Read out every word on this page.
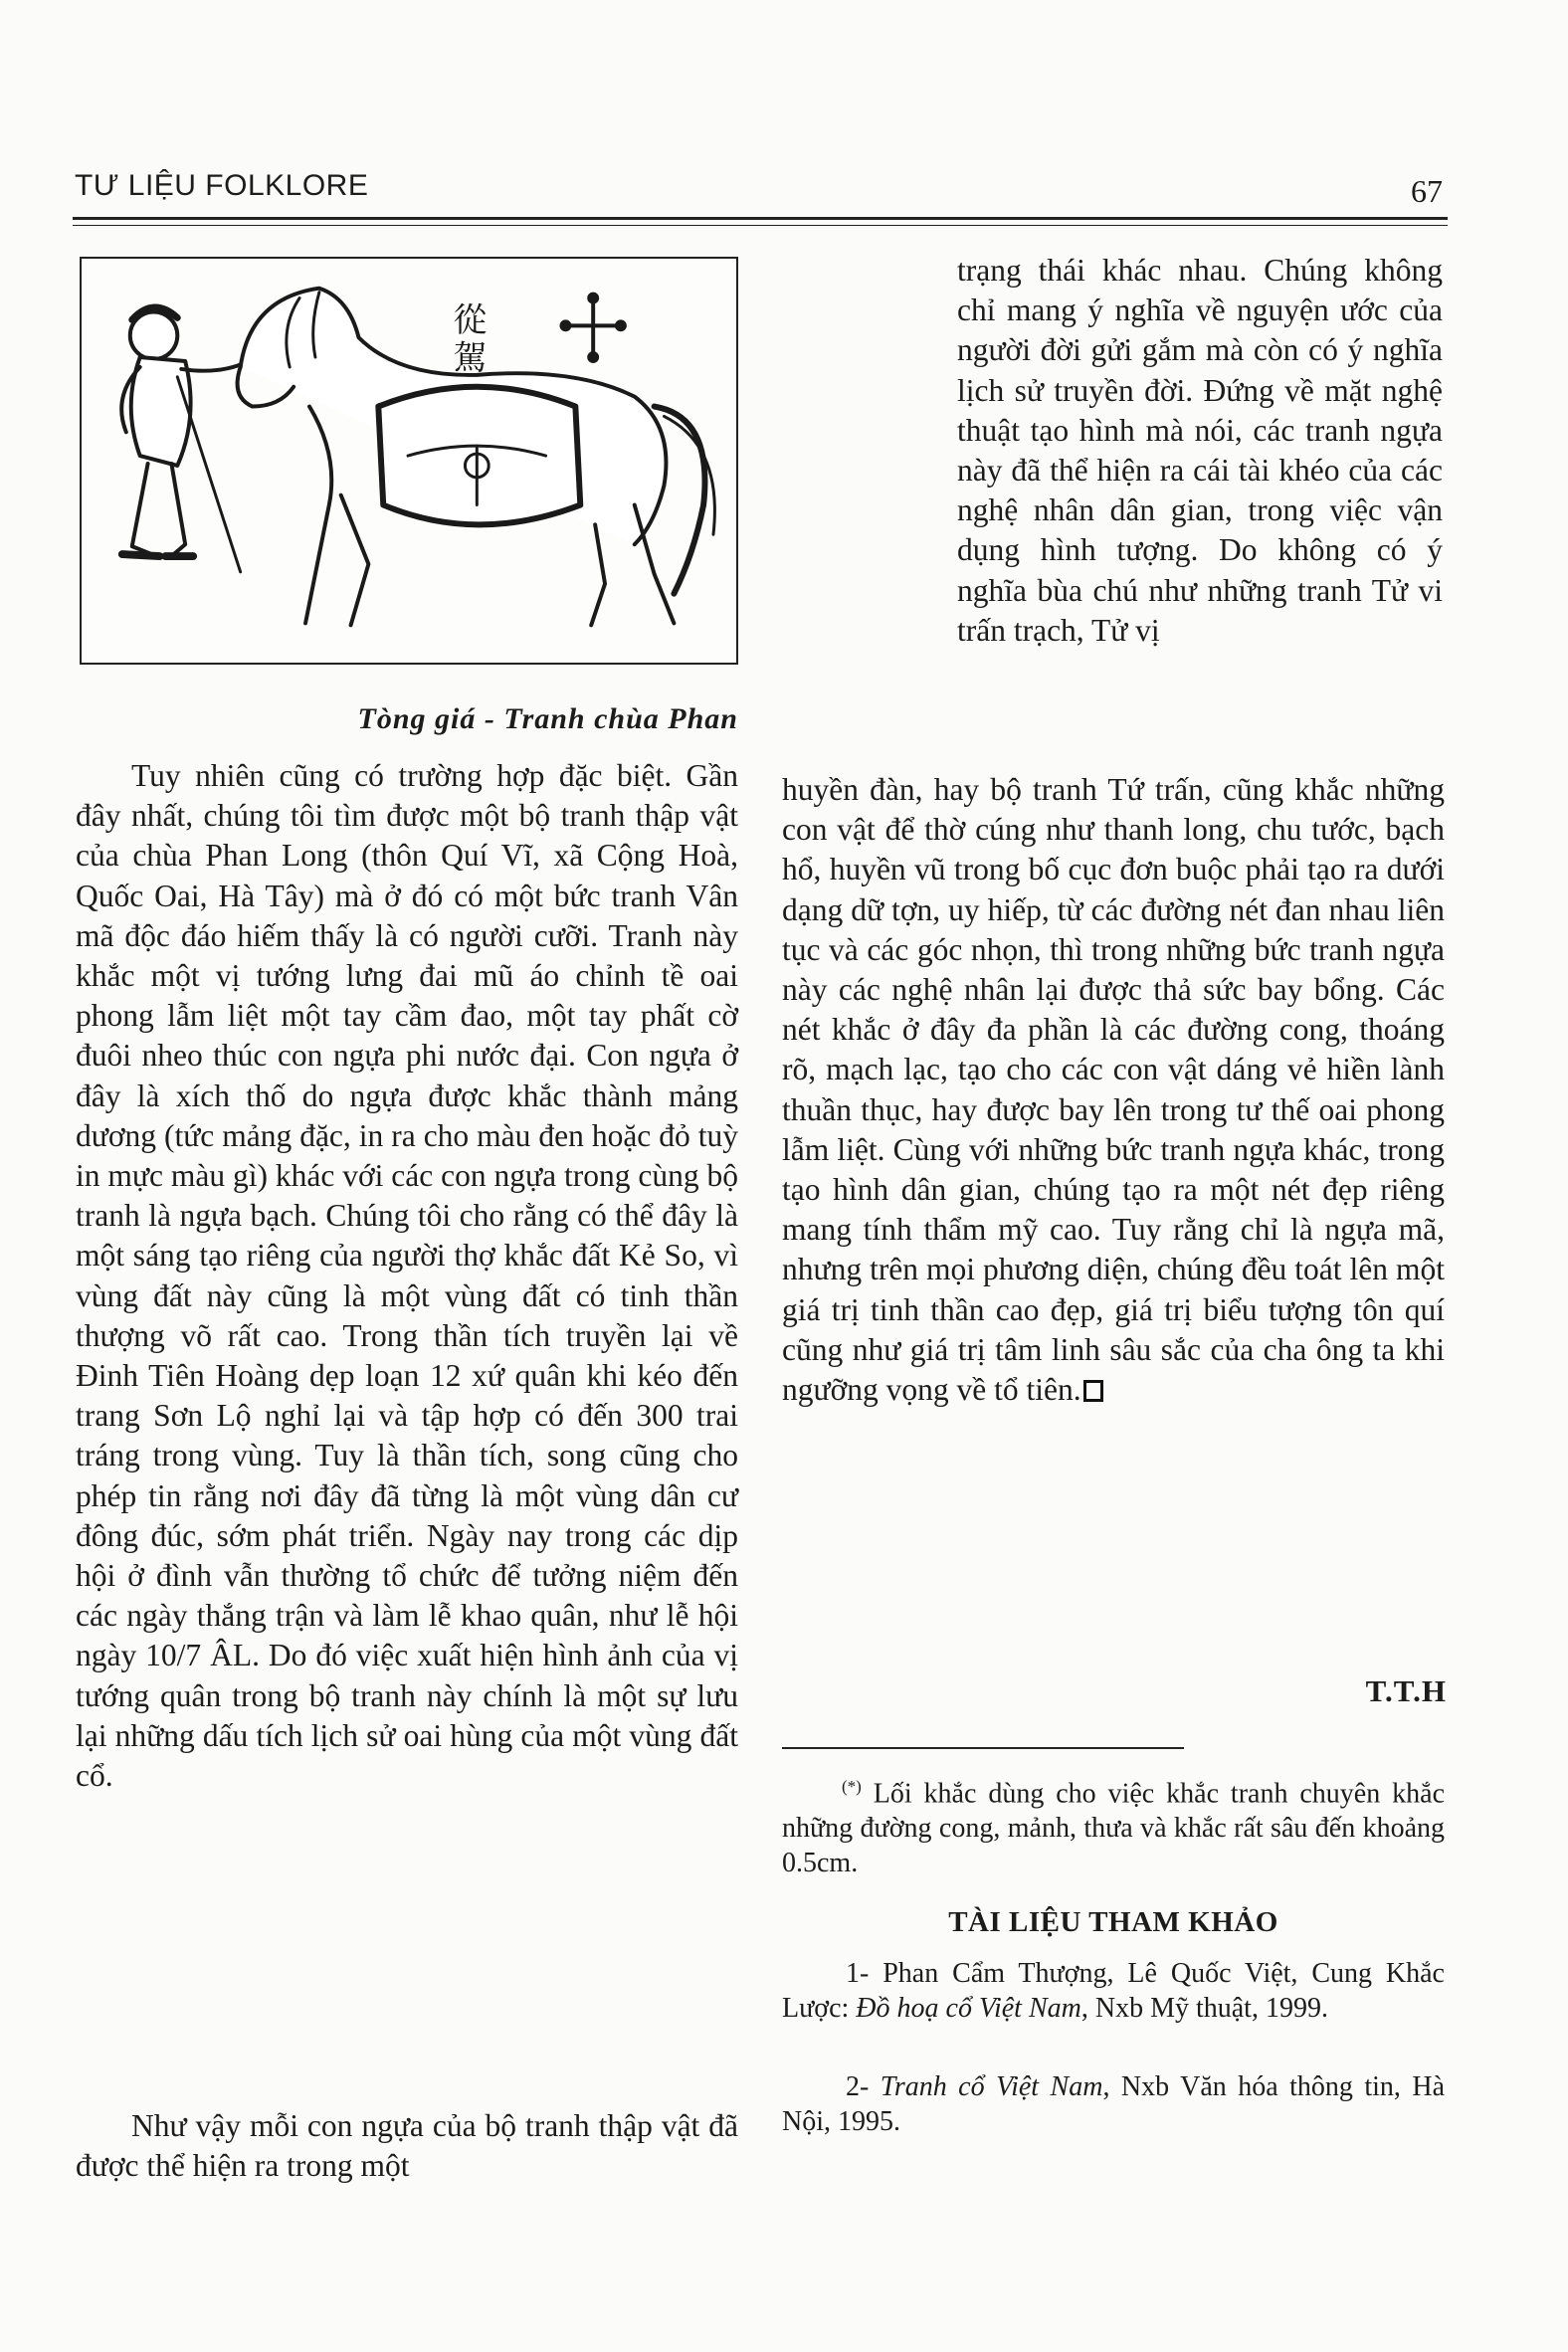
TƯ LIỆU FOLKLORE	67
從駕
Tòng giá - Tranh chùa Phan

trạng thái khác nhau. Chúng không chỉ mang ý nghĩa về nguyện ước của người đời gửi gắm mà còn có ý nghĩa lịch sử truyền đời. Đứng về mặt nghệ thuật tạo hình mà nói, các tranh ngựa này đã thể hiện ra cái tài khéo của các nghệ nhân dân gian, trong việc vận dụng hình tượng. Do không có ý nghĩa bùa chú như những tranh Tử vi trấn trạch, Tử vị

Tuy nhiên cũng có trường hợp đặc biệt. Gần đây nhất, chúng tôi tìm được một bộ tranh thập vật của chùa Phan Long (thôn Quí Vĩ, xã Cộng Hoà, Quốc Oai, Hà Tây) mà ở đó có một bức tranh Vân mã độc đáo hiếm thấy là có người cưỡi. Tranh này khắc một vị tướng lưng đai mũ áo chỉnh tề oai phong lẫm liệt một tay cầm đao, một tay phất cờ đuôi nheo thúc con ngựa phi nước đại. Con ngựa ở đây là xích thố do ngựa được khắc thành mảng dương (tức mảng đặc, in ra cho màu đen hoặc đỏ tuỳ in mực màu gì) khác với các con ngựa trong cùng bộ tranh là ngựa bạch. Chúng tôi cho rằng có thể đây là một sáng tạo riêng của người thợ khắc đất Kẻ So, vì vùng đất này cũng là một vùng đất có tinh thần thượng võ rất cao. Trong thần tích truyền lại về Đinh Tiên Hoàng dẹp loạn 12 xứ quân khi kéo đến trang Sơn Lộ nghỉ lại và tập hợp có đến 300 trai tráng trong vùng. Tuy là thần tích, song cũng cho phép tin rằng nơi đây đã từng là một vùng dân cư đông đúc, sớm phát triển. Ngày nay trong các dịp hội ở đình vẫn thường tổ chức để tưởng niệm đến các ngày thắng trận và làm lễ khao quân, như lễ hội ngày 10/7 ÂL. Do đó việc xuất hiện hình ảnh của vị tướng quân trong bộ tranh này chính là một sự lưu lại những dấu tích lịch sử oai hùng của một vùng đất cổ.

Như vậy mỗi con ngựa của bộ tranh thập vật đã được thể hiện ra trong một

huyền đàn, hay bộ tranh Tứ trấn, cũng khắc những con vật để thờ cúng như thanh long, chu tước, bạch hổ, huyền vũ trong bố cục đơn buộc phải tạo ra dưới dạng dữ tợn, uy hiếp, từ các đường nét đan nhau liên tục và các góc nhọn, thì trong những bức tranh ngựa này các nghệ nhân lại được thả sức bay bổng. Các nét khắc ở đây đa phần là các đường cong, thoáng rõ, mạch lạc, tạo cho các con vật dáng vẻ hiền lành thuần thục, hay được bay lên trong tư thế oai phong lẫm liệt. Cùng với những bức tranh ngựa khác, trong tạo hình dân gian, chúng tạo ra một nét đẹp riêng mang tính thẩm mỹ cao. Tuy rằng chỉ là ngựa mã, nhưng trên mọi phương diện, chúng đều toát lên một giá trị tinh thần cao đẹp, giá trị biểu tượng tôn quí cũng như giá trị tâm linh sâu sắc của cha ông ta khi ngưỡng vọng về tổ tiên.

T.T.H

(*) Lối khắc dùng cho việc khắc tranh chuyên khắc những đường cong, mảnh, thưa và khắc rất sâu đến khoảng 0.5cm.

TÀI LIỆU THAM KHẢO

1- Phan Cẩm Thượng, Lê Quốc Việt, Cung Khắc Lược: Đồ hoạ cổ Việt Nam, Nxb Mỹ thuật, 1999.

2- Tranh cổ Việt Nam, Nxb Văn hóa thông tin, Hà Nội, 1995.
